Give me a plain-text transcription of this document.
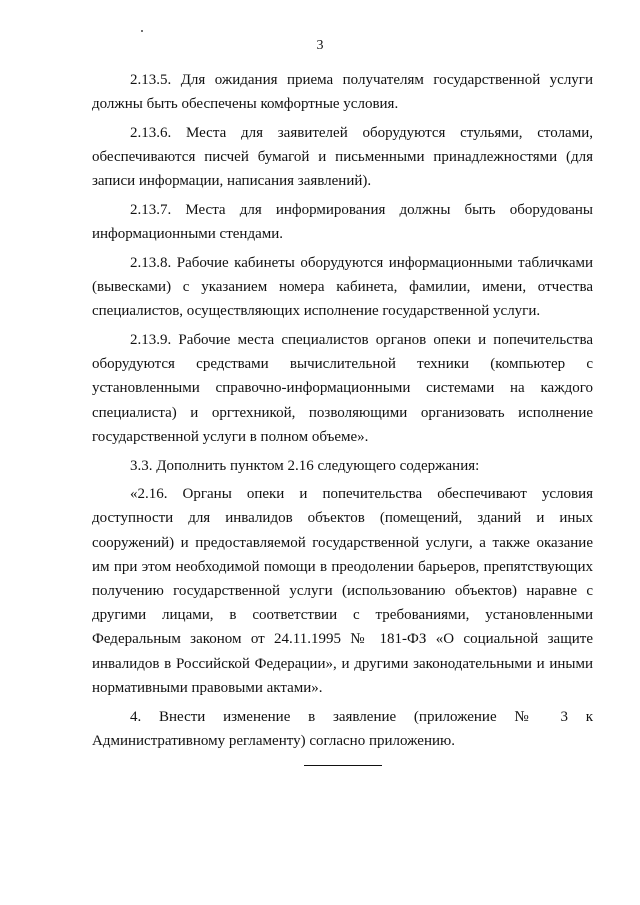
3

2.13.5. Для ожидания приема получателям государственной услуги должны быть обеспечены комфортные условия.

2.13.6. Места для заявителей оборудуются стульями, столами, обеспечиваются писчей бумагой и письменными принадлежностями (для записи информации, написания заявлений).

2.13.7. Места для информирования должны быть оборудованы информационными стендами.

2.13.8. Рабочие кабинеты оборудуются информационными табличками (вывесками) с указанием номера кабинета, фамилии, имени, отчества специалистов, осуществляющих исполнение государственной услуги.

2.13.9. Рабочие места специалистов органов опеки и попечительства оборудуются средствами вычислительной техники (компьютер с установленными справочно-информационными системами на каждого специалиста) и оргтехникой, позволяющими организовать исполнение государственной услуги в полном объеме».

3.3. Дополнить пунктом 2.16 следующего содержания:

«2.16. Органы опеки и попечительства обеспечивают условия доступности для инвалидов объектов (помещений, зданий и иных сооружений) и предоставляемой государственной услуги, а также оказание им при этом необходимой помощи в преодолении барьеров, препятствующих получению государственной услуги (использованию объектов) наравне с другими лицами, в соответствии с требованиями, установленными Федеральным законом от 24.11.1995 № 181-ФЗ «О социальной защите инвалидов в Российской Федерации», и другими законодательными и иными нормативными правовыми актами».

4. Внести изменение в заявление (приложение № 3 к Административному регламенту) согласно приложению.
